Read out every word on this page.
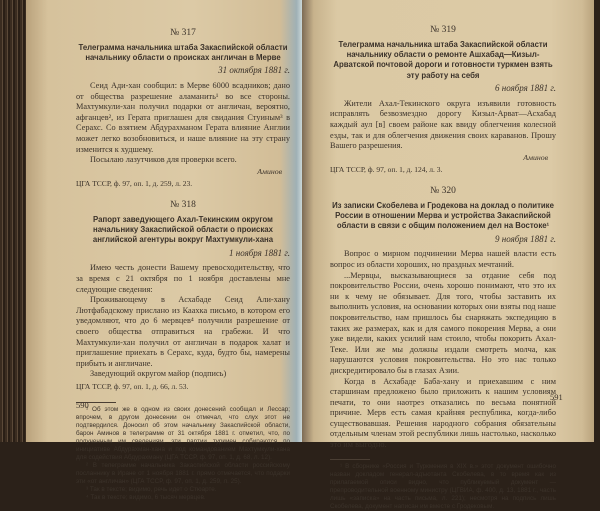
№ 317
Телеграмма начальника штаба Закаспийской области начальнику области о происках англичан в Мерве
31 октября 1881 г.

Сеид Ади-хан сообщил: в Мерве 6000 всадников; дано от общества разрешение аламанить¹ во все стороны. Махтумкули-хан получил подарки от англичан, вероятно, афганцев², из Герата приглашен для свидания Стуиным³ в Серахс. Со взятием Абдурахманом Герата влияние Англии может легко возобновиться, и наше влияние на эту страну изменится к худшему.

Посылаю лазутчиков для проверки всего.

Аминов
ЦГА ТССР, ф. 97, оп. 1, д. 259, л. 23.
№ 318
Рапорт заведующего Ахал-Текинским округом начальнику Закаспийской области о происках английской агентуры вокруг Махтумкули-хана
1 ноября 1881 г.

Имею честь донести Вашему превосходительству, что за время с 21 октября по 1 ноября доставлены мне следующие сведения:

Проживающему в Асхабаде Сеид Али-хану Лютфабадскому прислано из Каахка письмо, в котором его уведомляют, что до 6 мервцев⁴ получили разрешение от своего общества отправиться на грабежи. И что Махтумкули-хан получил от англичан в подарок халат и приглашение приехать в Серахс, куда, будто бы, намерены прибыть и англичане.

Заведующий округом майор (подпись)

ЦГА ТССР, ф. 97, оп. 1, д. 66, л. 53.

¹ Об этом же в одном из своих донесений сообщал и Лессар; впрочем, в другом донесении он отмечал, что слух этот не подтвердился. Доносил об этом начальнику Закаспийской области, барон Аминов в телеграмме от 31 октября 1881 г. отметил, что, по полученным им сведениям, эти партии туркмен собираются по инициативе Абдурахман-хана и под командованием Махтумкули-хана для содействия Абдурахману (ЦГА ТССР, ф. 97, оп. 1, д. 68, л. 12).

² В телеграмме начальника Закаспийской области российскому посланнику в Иране от 1 ноября 1881 г. прямо отмечается, что подарки эти «от англичан» (ЦГА ТССР, ф. 97, оп. 1, д. 259, л. 25).

³ Так в тексте; видимо, речь идет о Стюарте.

⁴ Так в тексте; видимо, 6 тысяч мервцев.

590
№ 319
Телеграмма начальника штаба Закаспийской области начальнику области о ремонте Ашхабад—Кизыл-Арватской почтовой дороги и готовности туркмен взять эту работу на себя
6 ноября 1881 г.

Жители Ахал-Текинского округа изъявили готовность исправлять безвозмездно дорогу Кизыл-Арват—Асхабад каждый аул [в] своем районе как ввиду облегчения колесной езды, так и для облегчения движения своих караванов. Прошу Вашего разрешения.

Аминов
ЦГА ТССР, ф. 97, оп. 1, д. 124, л. 3.
№ 320
Из записки Скобелева и Гродекова на доклад о политике России в отношении Мерва и устройства Закаспийской области в связи с общим положением дел на Востоке¹
9 ноября 1881 г.

Вопрос о мирном подчинении Мерва нашей власти есть вопрос из области хороших, но праздных мечтаний.

...Мервцы, высказывающиеся за отдание себя под покровительство России, очень хорошо понимают, что это их ни к чему не обязывает. Для того, чтобы заставить их выполнить условия, на основании которых они взяты под наше покровительство, нам пришлось бы снаряжать экспедицию в таких же размерах, как и для самого покорения Мерва, а они уже видели, каких усилий нам стоило, чтобы покорить Ахал-Теке. Или же мы должны издали смотреть молча, как нарушаются условия покровительства. Но это нас только дискредитировало бы в глазах Азии.

Когда в Асхабаде Баба-хану и приехавшим с ним старшинам предложено было приложить к нашим условиям печати, то они наотрез отказались по весьма понятной причине. Мерв есть самая крайняя республика, когда-либо существовавшая. Решения народного собрания обязательны отдельным членам этой республики лишь настолько, насколько это им выгодно.

¹ В сборнике «Россия и Туркмения в XIX в.» этот документ ошибочно назван докладом генерал-адъютанта Скобелева, в то время как из прилагаемой описи видно, что публикуемый документ — препроводительной военному министру (ЦГВИА, ф. 400, д. 13, 1881 г., часть лишь «записка» на часть письма, л. 221); несмотря на подпись лишь Скобелева, документ написан им вместе с Гродековым.

591
